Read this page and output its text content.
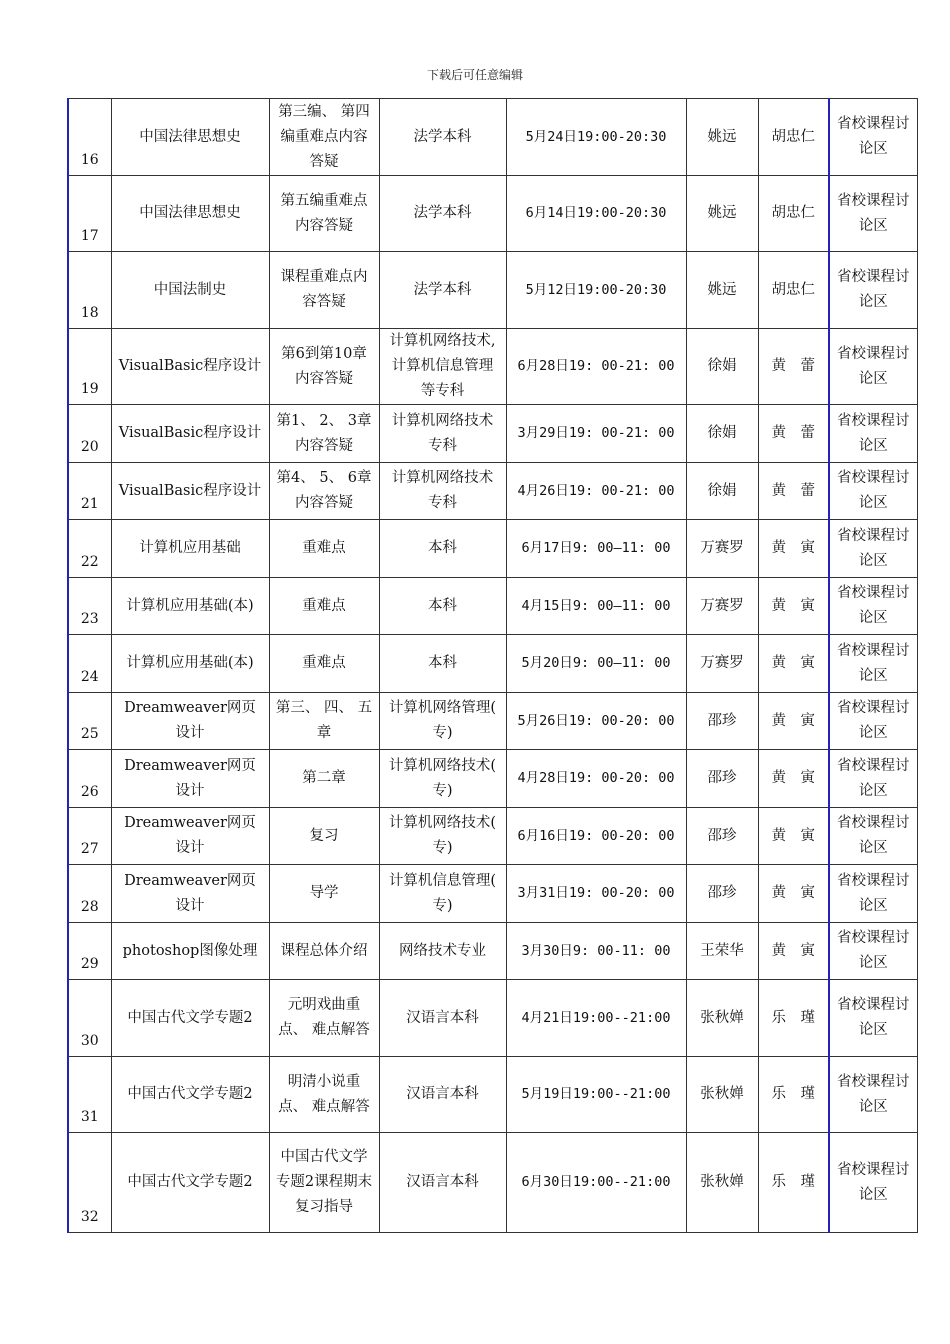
下载后可任意编辑
16	中国法律思想史	第三编、 第四编重难点内容答疑	法学本科	5月24日19:00-20:30	姚远	胡忠仁	省校课程讨论区
17	中国法律思想史	第五编重难点内容答疑	法学本科	6月14日19:00-20:30	姚远	胡忠仁	省校课程讨论区
18	中国法制史	课程重难点内容答疑	法学本科	5月12日19:00-20:30	姚远	胡忠仁	省校课程讨论区
19	VisualBasic程序设计	第6到第10章内容答疑	计算机网络技术, 计算机信息管理等专科	6月28日19: 00-21: 00	徐娟	黄　蕾	省校课程讨论区
20	VisualBasic程序设计	第1、 2、 3章内容答疑	计算机网络技术专科	3月29日19: 00-21: 00	徐娟	黄　蕾	省校课程讨论区
21	VisualBasic程序设计	第4、 5、 6章内容答疑	计算机网络技术专科	4月26日19: 00-21: 00	徐娟	黄　蕾	省校课程讨论区
22	计算机应用基础	重难点	本科	6月17日9: 00—11: 00	万赛罗	黄　寅	省校课程讨论区
23	计算机应用基础(本)	重难点	本科	4月15日9: 00—11: 00	万赛罗	黄　寅	省校课程讨论区
24	计算机应用基础(本)	重难点	本科	5月20日9: 00—11: 00	万赛罗	黄　寅	省校课程讨论区
25	Dreamweaver网页设计	第三、 四、 五章	计算机网络管理( 专)	5月26日19: 00-20: 00	邵珍	黄　寅	省校课程讨论区
26	Dreamweaver网页设计	第二章	计算机网络技术( 专)	4月28日19: 00-20: 00	邵珍	黄　寅	省校课程讨论区
27	Dreamweaver网页设计	复习	计算机网络技术( 专)	6月16日19: 00-20: 00	邵珍	黄　寅	省校课程讨论区
28	Dreamweaver网页设计	导学	计算机信息管理( 专)	3月31日19: 00-20: 00	邵珍	黄　寅	省校课程讨论区
29	photoshop图像处理	课程总体介绍	网络技术专业	3月30日9: 00-11: 00	王荣华	黄　寅	省校课程讨论区
30	中国古代文学专题2	元明戏曲重点、 难点解答	汉语言本科	4月21日19:00--21:00	张秋婵	乐　瑾	省校课程讨论区
31	中国古代文学专题2	明清小说重点、 难点解答	汉语言本科	5月19日19:00--21:00	张秋婵	乐　瑾	省校课程讨论区
32	中国古代文学专题2	中国古代文学专题2课程期末复习指导	汉语言本科	6月30日19:00--21:00	张秋婵	乐　瑾	省校课程讨论区
